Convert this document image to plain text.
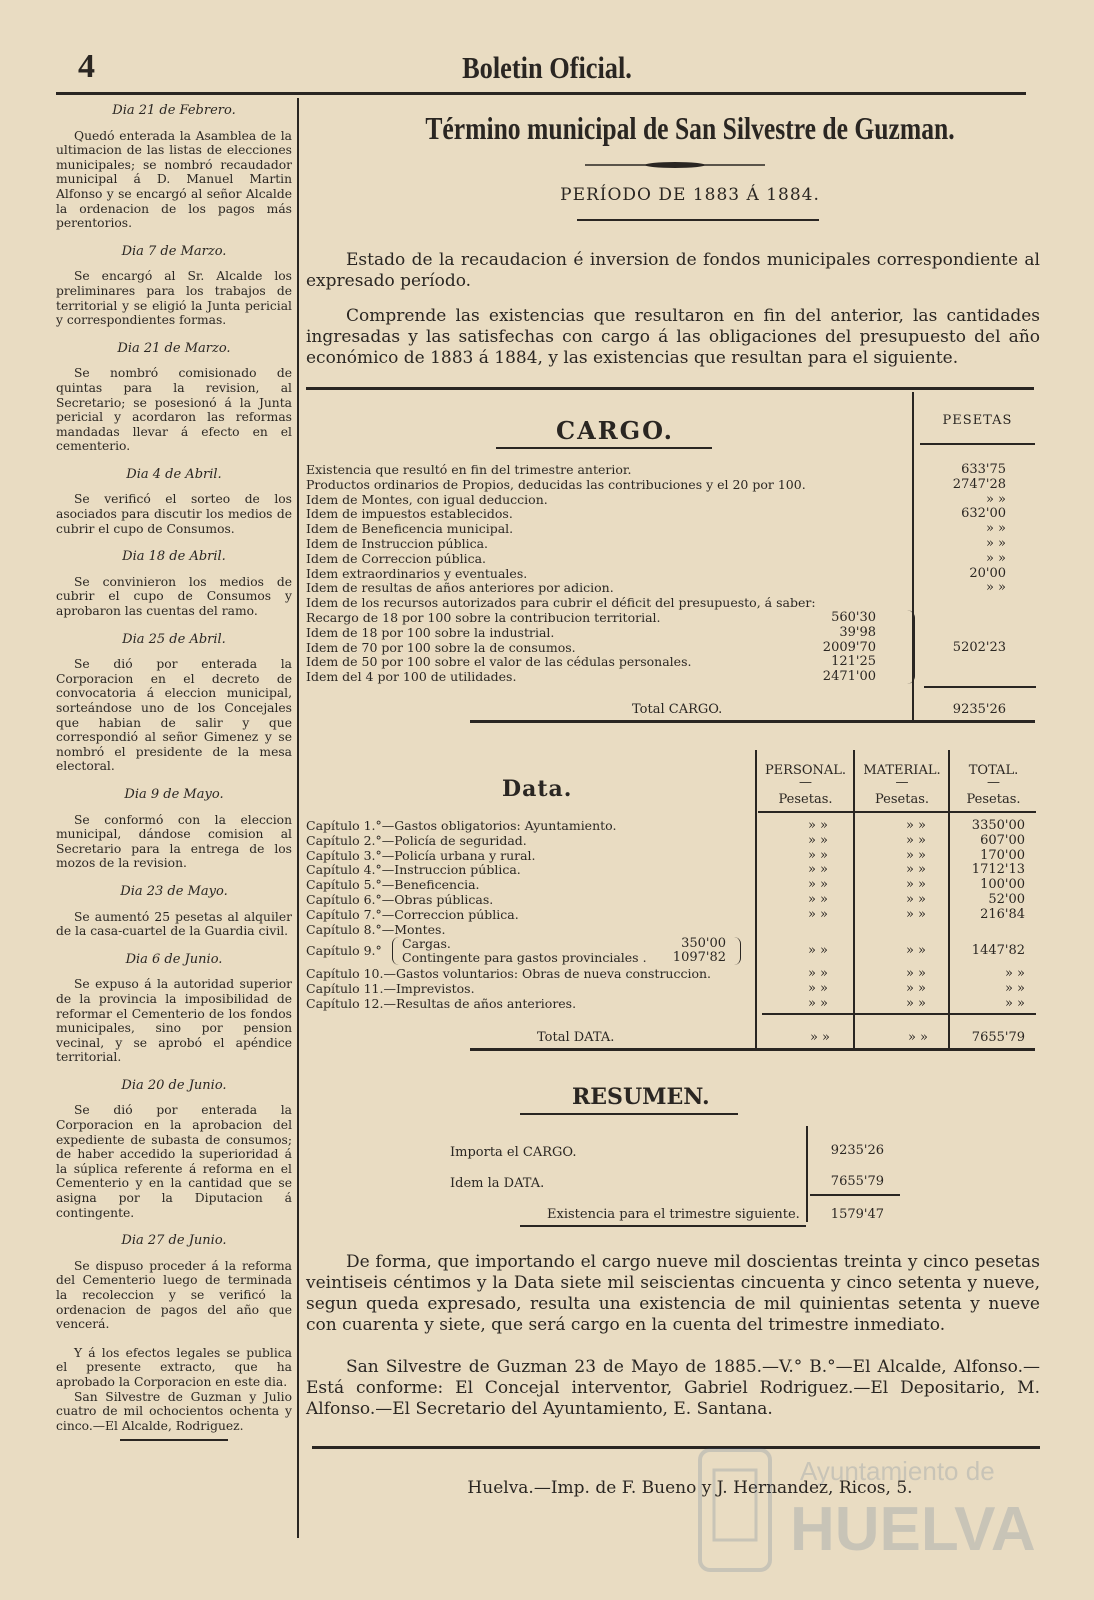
4	Boletin Oficial.
Dia 21 de Febrero.
Quedó enterada la Asamblea de la ultimacion de las listas de elecciones municipales; se nombró recaudador municipal á D. Manuel Martin Alfonso y se encargó al señor Alcalde la ordenacion de los pagos más perentorios.
Dia 7 de Marzo.
Se encargó al Sr. Alcalde los preliminares para los trabajos de territorial y se eligió la Junta pericial y correspondientes formas.
Dia 21 de Marzo.
Se nombró comisionado de quintas para la revision, al Secretario; se posesionó á la Junta pericial y acordaron las reformas mandadas llevar á efecto en el cementerio.
Dia 4 de Abril.
Se verificó el sorteo de los asociados para discutir los medios de cubrir el cupo de Consumos.
Dia 18 de Abril.
Se convinieron los medios de cubrir el cupo de Consumos y aprobaron las cuentas del ramo.
Dia 25 de Abril.
Se dió por enterada la Corporacion en el decreto de convocatoria á eleccion municipal, sorteándose uno de los Concejales que habian de salir y que correspondió al señor Gimenez y se nombró el presidente de la mesa electoral.
Dia 9 de Mayo.
Se conformó con la eleccion municipal, dándose comision al Secretario para la entrega de los mozos de la revision.
Dia 23 de Mayo.
Se aumentó 25 pesetas al alquiler de la casa-cuartel de la Guardia civil.
Dia 6 de Junio.
Se expuso á la autoridad superior de la provincia la imposibilidad de reformar el Cementerio de los fondos municipales, sino por pension vecinal, y se aprobó el apéndice territorial.
Dia 20 de Junio.
Se dió por enterada la Corporacion en la aprobacion del expediente de subasta de consumos; de haber accedido la superioridad á la súplica referente á reforma en el Cementerio y en la cantidad que se asigna por la Diputacion á contingente.
Dia 27 de Junio.
Se dispuso proceder á la reforma del Cementerio luego de terminada la recoleccion y se verificó la ordenacion de pagos del año que vencerá.
Y á los efectos legales se publica el presente extracto, que ha aprobado la Corporacion en este dia.
San Silvestre de Guzman y Julio cuatro de mil ochocientos ochenta y cinco.—El Alcalde, Rodriguez.
Término municipal de San Silvestre de Guzman.
PERÍODO DE 1883 Á 1884.

Estado de la recaudacion é inversion de fondos municipales correspondiente al expresado período.

Comprende las existencias que resultaron en fin del anterior, las cantidades ingresadas y las satisfechas con cargo á las obligaciones del presupuesto del año económico de 1883 á 1884, y las existencias que resultan para el siguiente.

PESETAS
CARGO.
Existencia que resultó en fin del trimestre anterior.	633'75
Productos ordinarios de Propios, deducidas las contribuciones y el 20 por 100.	2747'28
Idem de Montes, con igual deduccion.	» »
Idem de impuestos establecidos.	632'00
Idem de Beneficencia municipal.	» »
Idem de Instruccion pública.	» »
Idem de Correccion pública.	» »
Idem extraordinarios y eventuales.	20'00
Idem de resultas de años anteriores por adicion.	» »
Idem de los recursos autorizados para cubrir el déficit del presupuesto, á saber:
Recargo de 18 por 100 sobre la contribucion territorial.	560'30
Idem de 18 por 100 sobre la industrial.	39'98
Idem de 70 por 100 sobre la de consumos.	2009'70
Idem de 50 por 100 sobre el valor de las cédulas personales.	121'25
Idem del 4 por 100 de utilidades.	2471'00
5202'23
Total CARGO.	9235'26
PERSONAL.	MATERIAL.	TOTAL.
—	—	—
Pesetas.	Pesetas.	Pesetas.
Data.
Capítulo 1.°—Gastos obligatorios: Ayuntamiento.	» »	» »	3350'00
Capítulo 2.°—Policía de seguridad.	» »	» »	607'00
Capítulo 3.°—Policía urbana y rural.	» »	» »	170'00
Capítulo 4.°—Instruccion pública.	» »	» »	1712'13
Capítulo 5.°—Beneficencia.	» »	» »	100'00
Capítulo 6.°—Obras públicas.	» »	» »	52'00
Capítulo 7.°—Correccion pública.	» »	» »	216'84
Capítulo 8.°—Montes.
Capítulo 9.° Cargas.	350'00
Contingente para gastos provinciales .	1097'82	» »	» »	1447'82
Capítulo 10.—Gastos voluntarios: Obras de nueva construccion.	» »	» »	» »
Capítulo 11.—Imprevistos.	» »	» »	» »
Capítulo 12.—Resultas de años anteriores.	» »	» »	» »
Total DATA.	» »	» »	7655'79
RESUMEN.
Importa el CARGO.	9235'26
Idem la DATA.	7655'79
Existencia para el trimestre siguiente.	1579'47

De forma, que importando el cargo nueve mil doscientas treinta y cinco pesetas veintiseis céntimos y la Data siete mil seiscientas cincuenta y cinco setenta y nueve, segun queda expresado, resulta una existencia de mil quinientas setenta y nueve con cuarenta y siete, que será cargo en la cuenta del trimestre inmediato.

San Silvestre de Guzman 23 de Mayo de 1885.—V.° B.°—El Alcalde, Alfonso.—Está conforme: El Concejal interventor, Gabriel Rodriguez.—El Depositario, M. Alfonso.—El Secretario del Ayuntamiento, E. Santana.

Huelva.—Imp. de F. Bueno y J. Hernandez, Ricos, 5.
Ayuntamiento de
HUELVA
